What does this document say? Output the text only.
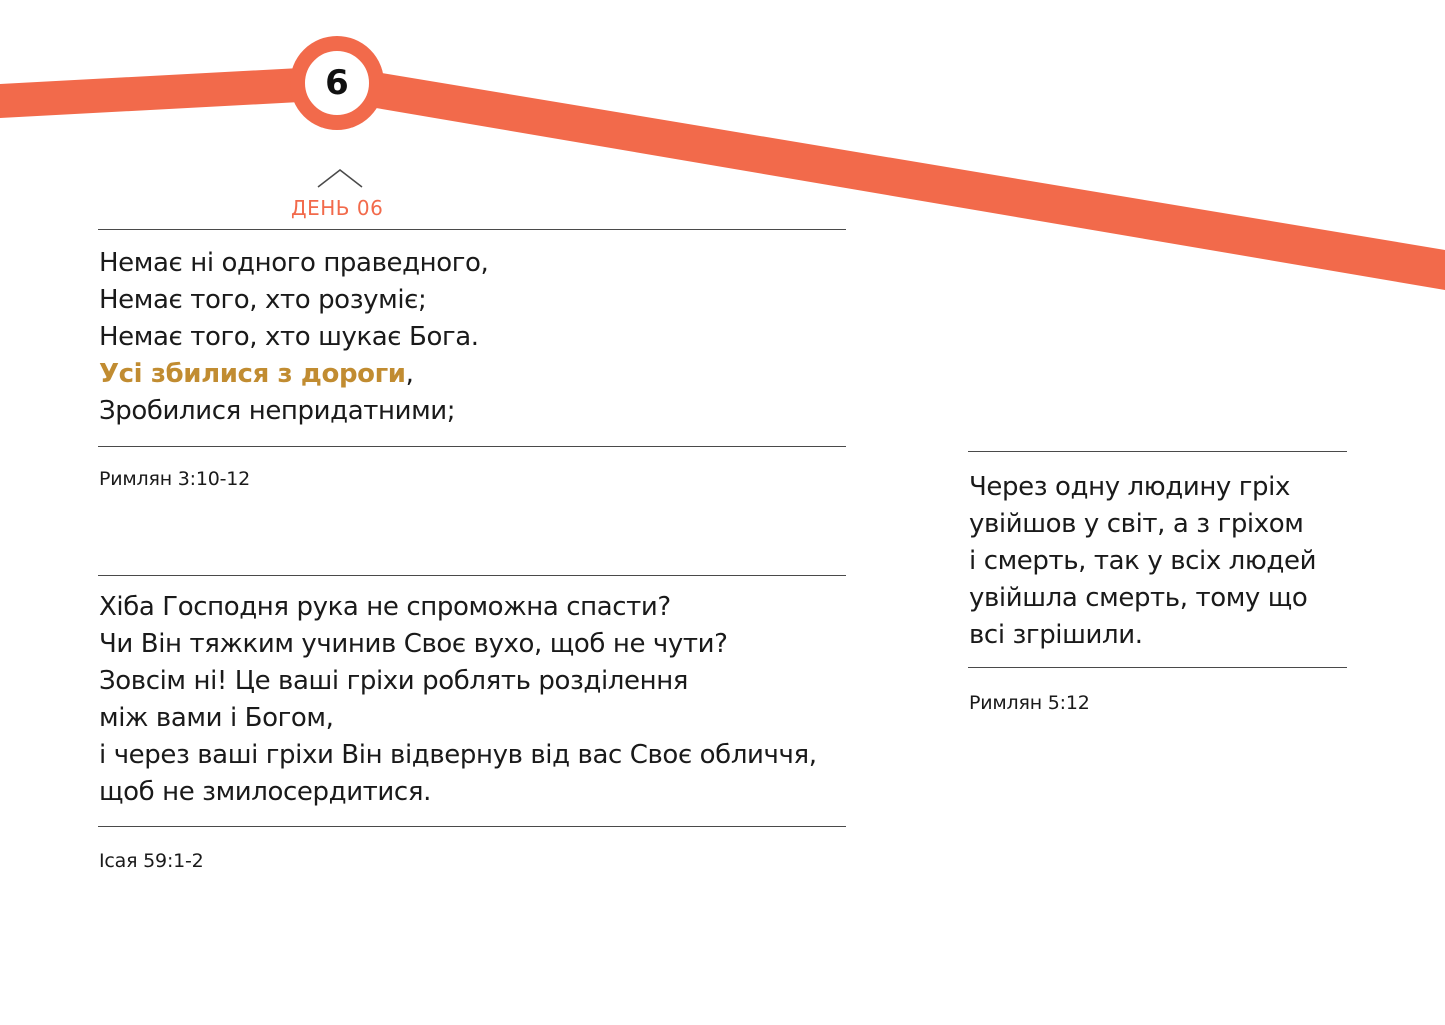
6
ДЕНЬ 06
Немає ні одного праведного,
Немає того, хто розуміє;
Немає того, хто шукає Бога.
Усі збилися з дороги,
Зробилися непридатними;
Римлян 3:10-12
Хіба Господня рука не спроможна спасти?
Чи Він тяжким учинив Своє вухо, щоб не чути?
Зовсім ні! Це ваші гріхи роблять розділення
між вами і Богом,
і через ваші гріхи Він відвернув від вас Своє обличчя,
щоб не змилосердитися.
Ісая 59:1-2
Через одну людину гріх
увійшов у світ, а з гріхом
і смерть, так у всіх людей
увійшла смерть, тому що
всі згрішили.
Римлян 5:12
